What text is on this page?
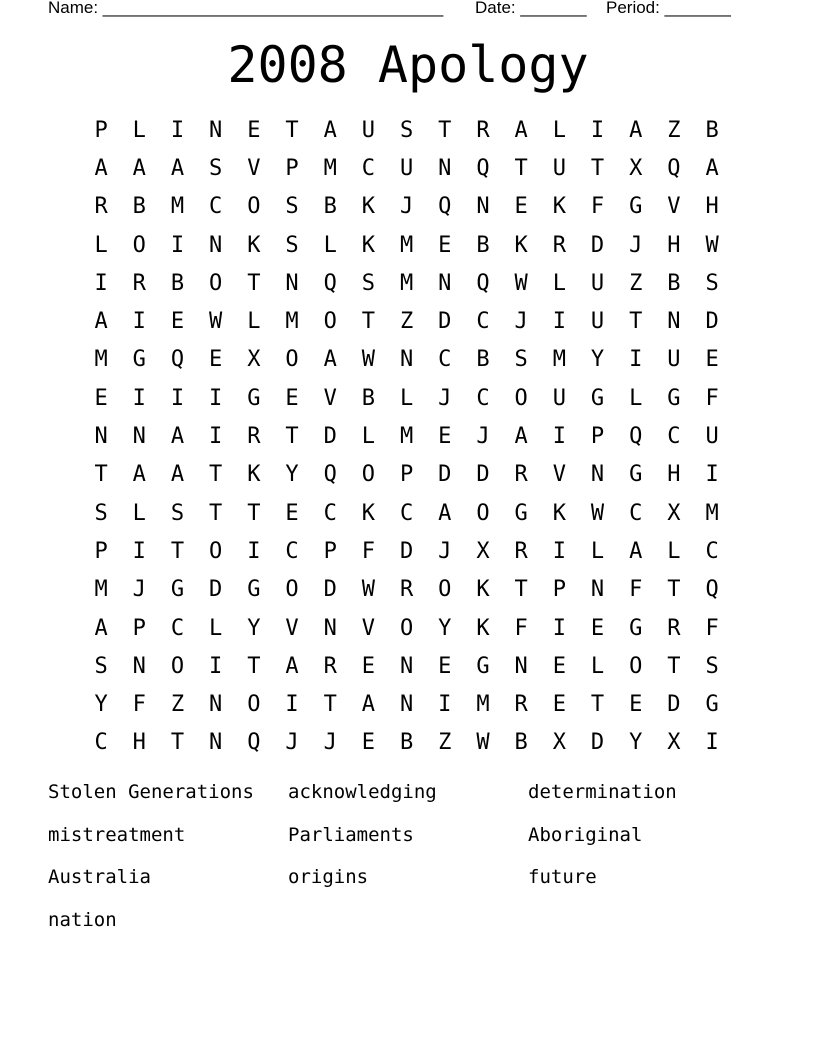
Name: ____________________________________ Date: _______ Period: _______
2008 Apology
P	L	I	N	E	T	A	U	S	T	R	A	L	I	A	Z	B
A	A	A	S	V	P	M	C	U	N	Q	T	U	T	X	Q	A
R	B	M	C	O	S	B	K	J	Q	N	E	K	F	G	V	H
L	O	I	N	K	S	L	K	M	E	B	K	R	D	J	H	W
I	R	B	O	T	N	Q	S	M	N	Q	W	L	U	Z	B	S
A	I	E	W	L	M	O	T	Z	D	C	J	I	U	T	N	D
M	G	Q	E	X	O	A	W	N	C	B	S	M	Y	I	U	E
E	I	I	I	G	E	V	B	L	J	C	O	U	G	L	G	F
N	N	A	I	R	T	D	L	M	E	J	A	I	P	Q	C	U
T	A	A	T	K	Y	Q	O	P	D	D	R	V	N	G	H	I
S	L	S	T	T	E	C	K	C	A	O	G	K	W	C	X	M
P	I	T	O	I	C	P	F	D	J	X	R	I	L	A	L	C
M	J	G	D	G	O	D	W	R	O	K	T	P	N	F	T	Q
A	P	C	L	Y	V	N	V	O	Y	K	F	I	E	G	R	F
S	N	O	I	T	A	R	E	N	E	G	N	E	L	O	T	S
Y	F	Z	N	O	I	T	A	N	I	M	R	E	T	E	D	G
C	H	T	N	Q	J	J	E	B	Z	W	B	X	D	Y	X	I
Stolen Generations	acknowledging	determination
mistreatment	Parliaments	Aboriginal
Australia	origins	future
nation
